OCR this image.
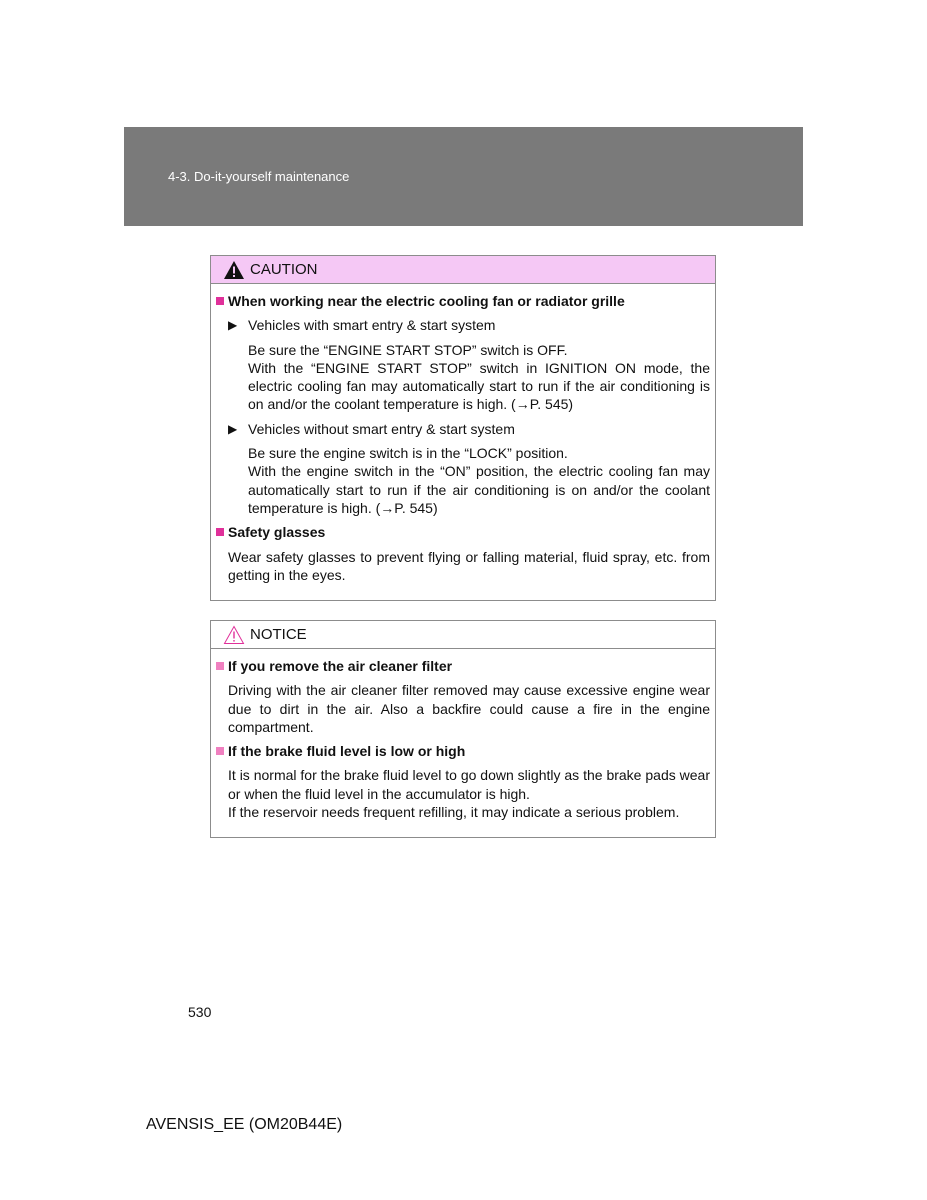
4-3. Do-it-yourself maintenance
CAUTION
When working near the electric cooling fan or radiator grille
▶ Vehicles with smart entry & start system
Be sure the “ENGINE START STOP” switch is OFF.
With the “ENGINE START STOP” switch in IGNITION ON mode, the electric cooling fan may automatically start to run if the air conditioning is on and/or the coolant temperature is high. (→P. 545)
▶ Vehicles without smart entry & start system
Be sure the engine switch is in the “LOCK” position.
With the engine switch in the “ON” position, the electric cooling fan may automatically start to run if the air conditioning is on and/or the coolant temperature is high. (→P. 545)
Safety glasses
Wear safety glasses to prevent flying or falling material, fluid spray, etc. from getting in the eyes.
NOTICE
If you remove the air cleaner filter
Driving with the air cleaner filter removed may cause excessive engine wear due to dirt in the air. Also a backfire could cause a fire in the engine compartment.
If the brake fluid level is low or high
It is normal for the brake fluid level to go down slightly as the brake pads wear or when the fluid level in the accumulator is high.
If the reservoir needs frequent refilling, it may indicate a serious problem.
530
AVENSIS_EE (OM20B44E)
